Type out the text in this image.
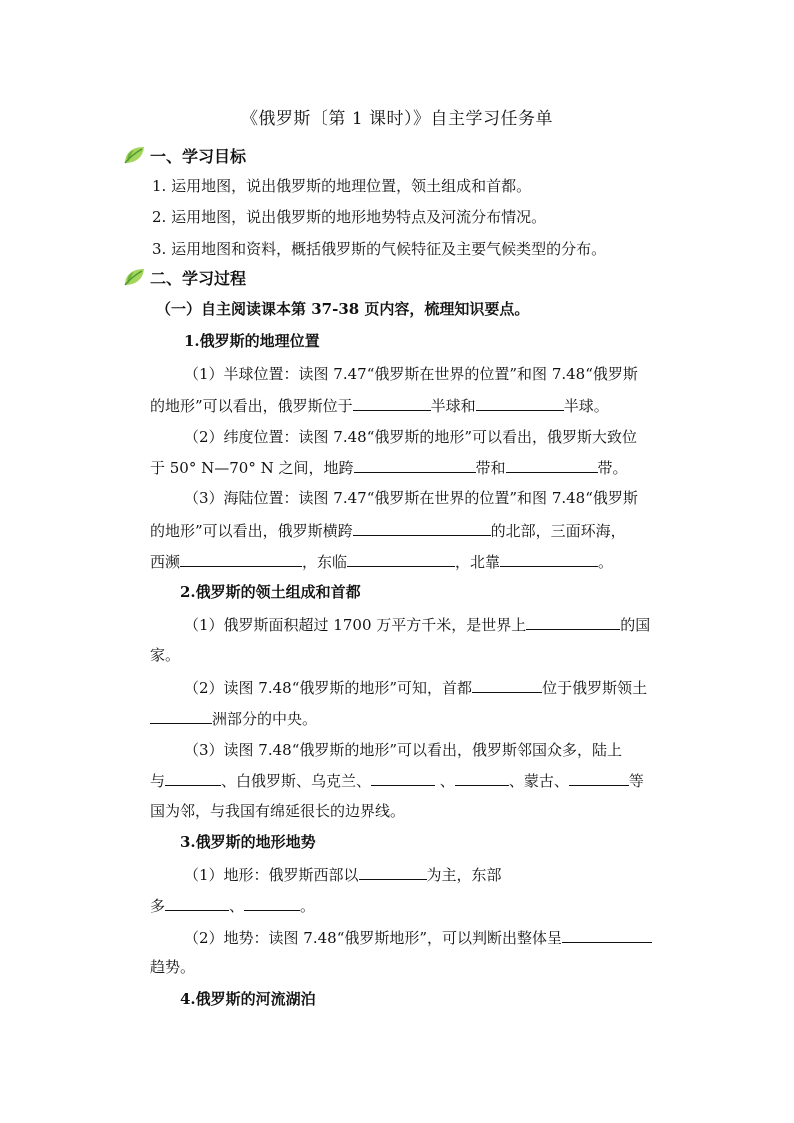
《俄罗斯〔第 1 课时）》自主学习任务单
一、学习目标
1. 运用地图，说出俄罗斯的地理位置，领土组成和首都。
2. 运用地图，说出俄罗斯的地形地势特点及河流分布情况。
3. 运用地图和资料，概括俄罗斯的气候特征及主要气候类型的分布。
二、学习过程
（一）自主阅读课本第 37-38 页内容，梳理知识要点。
1.俄罗斯的地理位置
（1）半球位置：读图 7.47“俄罗斯在世界的位置”和图 7.48“俄罗斯
的地形”可以看出，俄罗斯位于	半球和	半球。
（2）纬度位置：读图 7.48“俄罗斯的地形”可以看出，俄罗斯大致位
于 50° N—70° N 之间，地跨	带和	带。
（3）海陆位置：读图 7.47“俄罗斯在世界的位置”和图 7.48“俄罗斯
的地形”可以看出，俄罗斯横跨	的北部，三面环海，
西濒	，东临	，北靠	。
2.俄罗斯的领土组成和首都
（1）俄罗斯面积超过 1700 万平方千米，是世界上	的国
家。
（2）读图 7.48“俄罗斯的地形”可知，首都	位于俄罗斯领土
洲部分的中央。
（3）读图 7.48“俄罗斯的地形”可以看出，俄罗斯邻国众多，陆上
与	、白俄罗斯、乌克兰、	、	、蒙古、	等
国为邻，与我国有绵延很长的边界线。
3.俄罗斯的地形地势
（1）地形：俄罗斯西部以	为主，东部
多	、	。
（2）地势：读图 7.48“俄罗斯地形”，可以判断出整体呈
趋势。
4.俄罗斯的河流湖泊
